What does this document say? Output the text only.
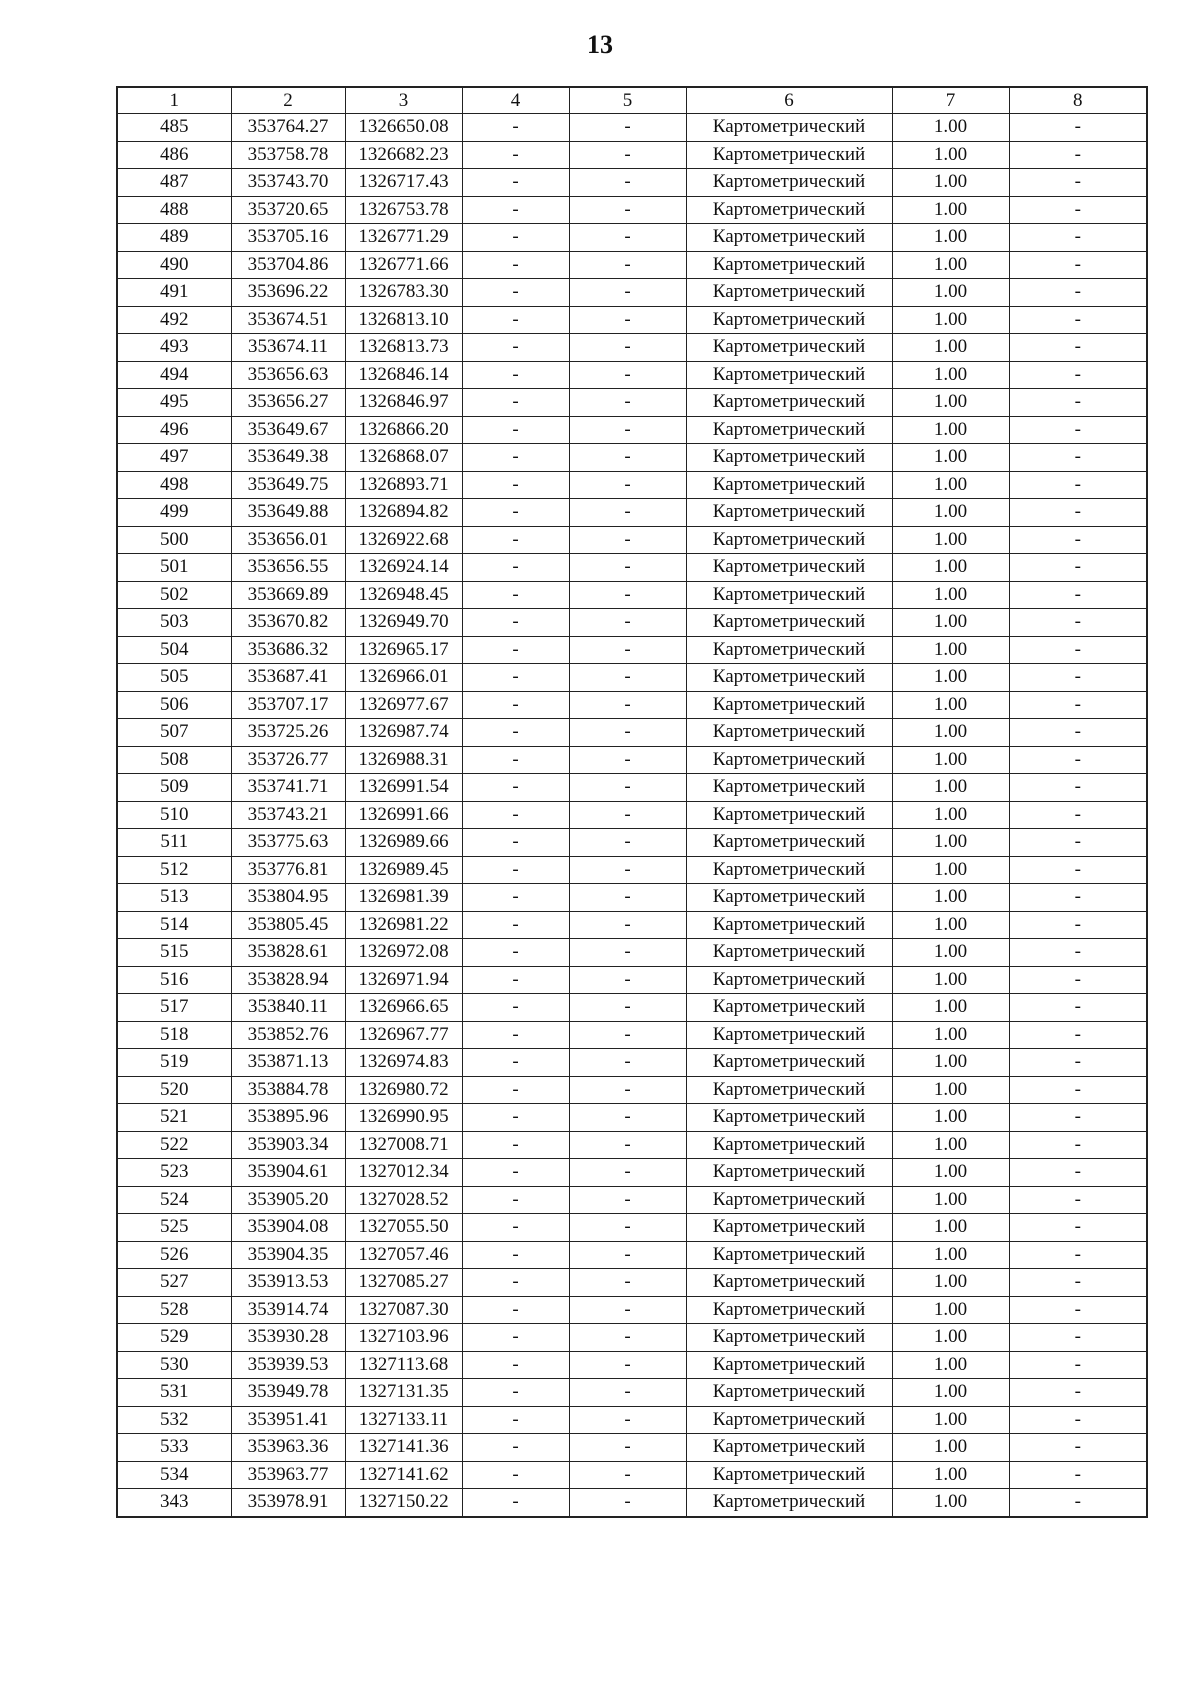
13
1	2	3	4	5	6	7	8
485	353764.27	1326650.08	-	-	Картометрический	1.00	-
486	353758.78	1326682.23	-	-	Картометрический	1.00	-
487	353743.70	1326717.43	-	-	Картометрический	1.00	-
488	353720.65	1326753.78	-	-	Картометрический	1.00	-
489	353705.16	1326771.29	-	-	Картометрический	1.00	-
490	353704.86	1326771.66	-	-	Картометрический	1.00	-
491	353696.22	1326783.30	-	-	Картометрический	1.00	-
492	353674.51	1326813.10	-	-	Картометрический	1.00	-
493	353674.11	1326813.73	-	-	Картометрический	1.00	-
494	353656.63	1326846.14	-	-	Картометрический	1.00	-
495	353656.27	1326846.97	-	-	Картометрический	1.00	-
496	353649.67	1326866.20	-	-	Картометрический	1.00	-
497	353649.38	1326868.07	-	-	Картометрический	1.00	-
498	353649.75	1326893.71	-	-	Картометрический	1.00	-
499	353649.88	1326894.82	-	-	Картометрический	1.00	-
500	353656.01	1326922.68	-	-	Картометрический	1.00	-
501	353656.55	1326924.14	-	-	Картометрический	1.00	-
502	353669.89	1326948.45	-	-	Картометрический	1.00	-
503	353670.82	1326949.70	-	-	Картометрический	1.00	-
504	353686.32	1326965.17	-	-	Картометрический	1.00	-
505	353687.41	1326966.01	-	-	Картометрический	1.00	-
506	353707.17	1326977.67	-	-	Картометрический	1.00	-
507	353725.26	1326987.74	-	-	Картометрический	1.00	-
508	353726.77	1326988.31	-	-	Картометрический	1.00	-
509	353741.71	1326991.54	-	-	Картометрический	1.00	-
510	353743.21	1326991.66	-	-	Картометрический	1.00	-
511	353775.63	1326989.66	-	-	Картометрический	1.00	-
512	353776.81	1326989.45	-	-	Картометрический	1.00	-
513	353804.95	1326981.39	-	-	Картометрический	1.00	-
514	353805.45	1326981.22	-	-	Картометрический	1.00	-
515	353828.61	1326972.08	-	-	Картометрический	1.00	-
516	353828.94	1326971.94	-	-	Картометрический	1.00	-
517	353840.11	1326966.65	-	-	Картометрический	1.00	-
518	353852.76	1326967.77	-	-	Картометрический	1.00	-
519	353871.13	1326974.83	-	-	Картометрический	1.00	-
520	353884.78	1326980.72	-	-	Картометрический	1.00	-
521	353895.96	1326990.95	-	-	Картометрический	1.00	-
522	353903.34	1327008.71	-	-	Картометрический	1.00	-
523	353904.61	1327012.34	-	-	Картометрический	1.00	-
524	353905.20	1327028.52	-	-	Картометрический	1.00	-
525	353904.08	1327055.50	-	-	Картометрический	1.00	-
526	353904.35	1327057.46	-	-	Картометрический	1.00	-
527	353913.53	1327085.27	-	-	Картометрический	1.00	-
528	353914.74	1327087.30	-	-	Картометрический	1.00	-
529	353930.28	1327103.96	-	-	Картометрический	1.00	-
530	353939.53	1327113.68	-	-	Картометрический	1.00	-
531	353949.78	1327131.35	-	-	Картометрический	1.00	-
532	353951.41	1327133.11	-	-	Картометрический	1.00	-
533	353963.36	1327141.36	-	-	Картометрический	1.00	-
534	353963.77	1327141.62	-	-	Картометрический	1.00	-
343	353978.91	1327150.22	-	-	Картометрический	1.00	-
